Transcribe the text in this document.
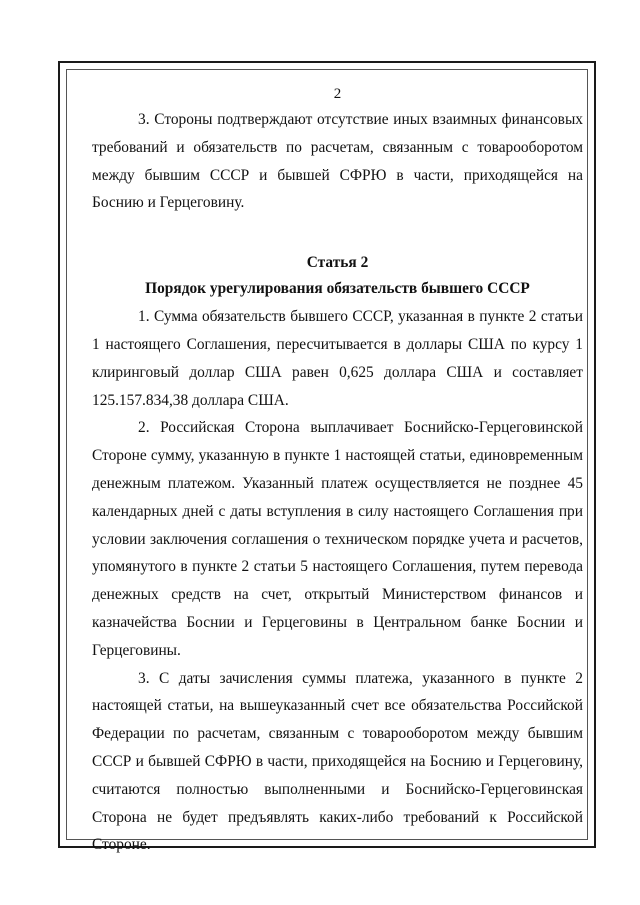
2

3. Стороны подтверждают отсутствие иных взаимных финансовых требований и обязательств по расчетам, связанным с товарооборотом между бывшим СССР и бывшей СФРЮ в части, приходящейся на Боснию и Герцеговину.

Статья 2
Порядок урегулирования обязательств бывшего СССР

1. Сумма обязательств бывшего СССР, указанная в пункте 2 статьи 1 настоящего Соглашения, пересчитывается в доллары США по курсу 1 клиринговый доллар США равен 0,625 доллара США и составляет 125.157.834,38 доллара США.

2. Российская Сторона выплачивает Боснийско-Герцеговинской Стороне сумму, указанную в пункте 1 настоящей статьи, единовременным денежным платежом. Указанный платеж осуществляется не позднее 45 календарных дней с даты вступления в силу настоящего Соглашения при условии заключения соглашения о техническом порядке учета и расчетов, упомянутого в пункте 2 статьи 5 настоящего Соглашения, путем перевода денежных средств на счет, открытый Министерством финансов и казначейства Боснии и Герцеговины в Центральном банке Боснии и Герцеговины.

3. С даты зачисления суммы платежа, указанного в пункте 2 настоящей статьи, на вышеуказанный счет все обязательства Российской Федерации по расчетам, связанным с товарооборотом между бывшим СССР и бывшей СФРЮ в части, приходящейся на Боснию и Герцеговину, считаются полностью выполненными и Боснийско-Герцеговинская Сторона не будет предъявлять каких-либо требований к Российской Стороне.
